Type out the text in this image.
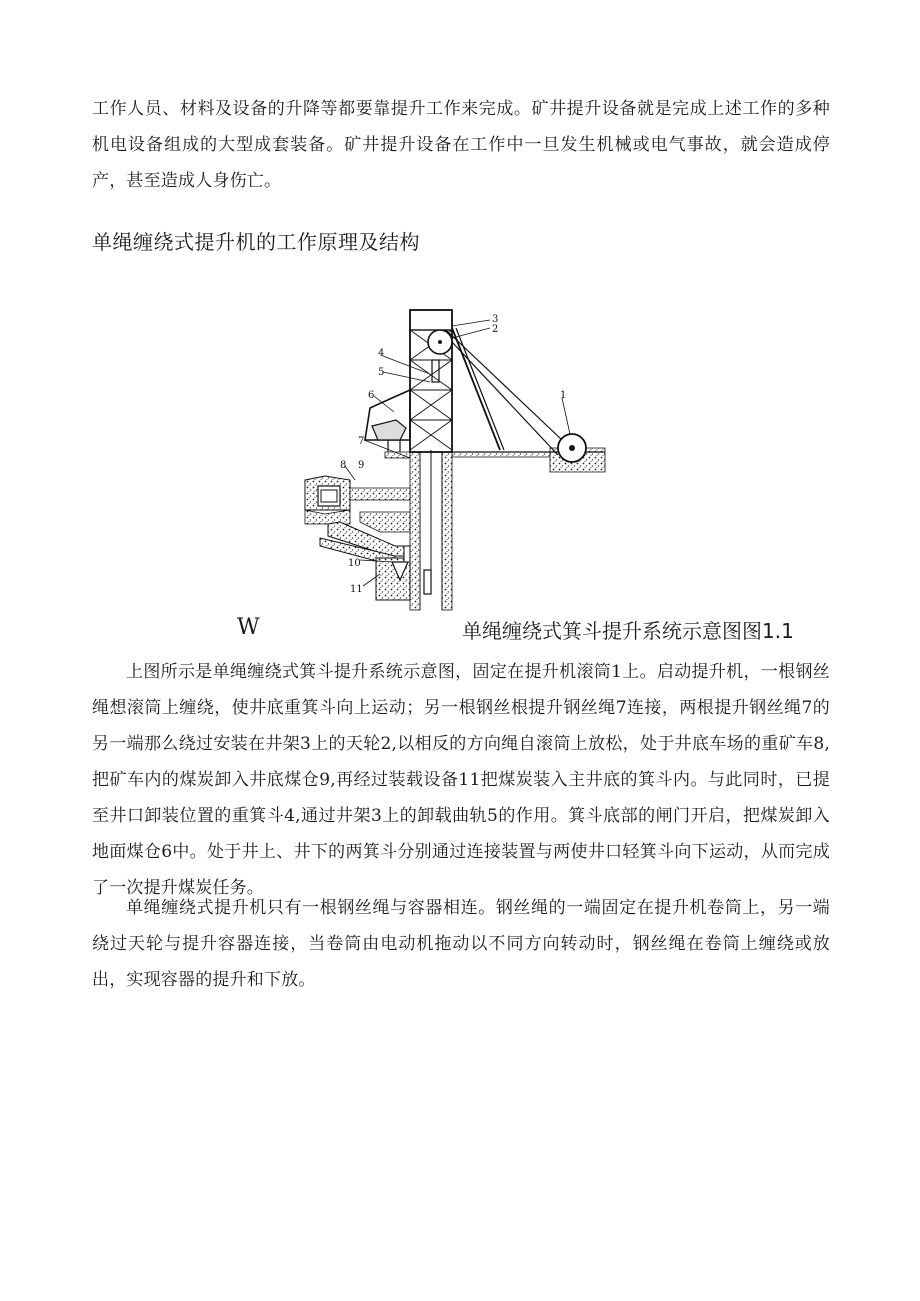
工作人员、材料及设备的升降等都要靠提升工作来完成。矿井提升设备就是完成上述工作的多种机电设备组成的大型成套装备。矿井提升设备在工作中一旦发生机械或电气事故，就会造成停产，甚至造成人身伤亡。

单绳缠绕式提升机的工作原理及结构
3
2
4
5
6
7
1
8 9
10
11
W	单绳缠绕式箕斗提升系统示意图图1.1

上图所示是单绳缠绕式箕斗提升系统示意图，固定在提升机滚筒1上。启动提升机，一根钢丝绳想滚筒上缠绕，使井底重箕斗向上运动；另一根钢丝根提升钢丝绳7连接，两根提升钢丝绳7的另一端那么绕过安装在井架3上的天轮2,以相反的方向绳自滚筒上放松，处于井底车场的重矿车8,把矿车内的煤炭卸入井底煤仓9,再经过装载设备11把煤炭装入主井底的箕斗内。与此同时，已提至井口卸装位置的重箕斗4,通过井架3上的卸载曲轨5的作用。箕斗底部的闸门开启，把煤炭卸入地面煤仓6中。处于井上、井下的两箕斗分别通过连接装置与两使井口轻箕斗向下运动，从而完成了一次提升煤炭任务。

单绳缠绕式提升机只有一根钢丝绳与容器相连。钢丝绳的一端固定在提升机卷筒上，另一端绕过天轮与提升容器连接，当卷筒由电动机拖动以不同方向转动时，钢丝绳在卷筒上缠绕或放出，实现容器的提升和下放。
